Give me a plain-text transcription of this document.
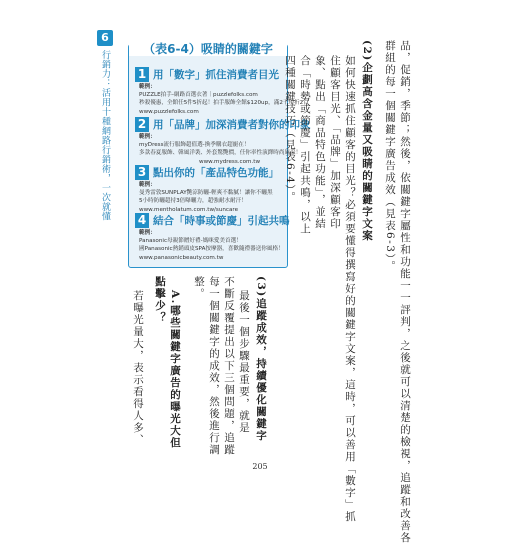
6
行銷力：活用十種網路行銷術，一次就懂
（表6-4）吸睛的關鍵字
1 用「數字」抓住消費者目光
範例：
PUZZLE拍手-網路首選衣著｜puzzlefolks.com
秒殺優惠，全館任5件5折起！拍手服飾全館$120up，滿2千現折2百
www.puzzlefolks.com
2 用「品牌」加深消費者對你的印象
範例：
myDress流行服飾超值選-換季購衣超寵在！
多款春夏服飾、韓風洋裝、外套驚艷價，任你率性演繹時尚風采！
www.mydress.com.tw
3 點出你的「產品特色功能」
範例：
曼秀雷敦SUNPLAY艷涼防曬-輕爽不黏膩！讓你不曬黑
5小時防曬超持3倍曝曬力，超強耐水耐汗！
www.mentholatum.com.tw/suncare
4 結合「時事或節慶」引起共鳴
範例：
Panasonic母親節贈好禮-媽咪愛美首選！
國Panasonic熱銷頭皮SPA按摩器，喜歡隨禮器送你風格！
www.panasonicbeauty.com.tw	品，促銷，季節；然後，依關鍵字屬性和功能一一評判，之後就可以清楚的檢視，追蹤和改善各
群組的每一個關鍵字廣告成效（見表6-3）。
(2)企劃高含金量又吸睛的關鍵字文案
如何快速抓住顧客的目光？必須要懂得撰寫好的關鍵字文案，這時，可以善用「數字」抓
住顧客目光、「品牌」加深顧客印
象、點出「商品特色功能」，並結
合「時勢或節慶」引起共鳴，以上
四種關鍵技巧（見表6-4）。
(3)追蹤成效，持續優化關鍵字
最後一個步驟最重要，就是
不斷反覆提出以下三個問題，追蹤
每一個關鍵字的成效，然後進行調
整。
A.哪些關鍵字廣告的曝光大但
點擊少？
若曝光量大，表示看得人多、
205
